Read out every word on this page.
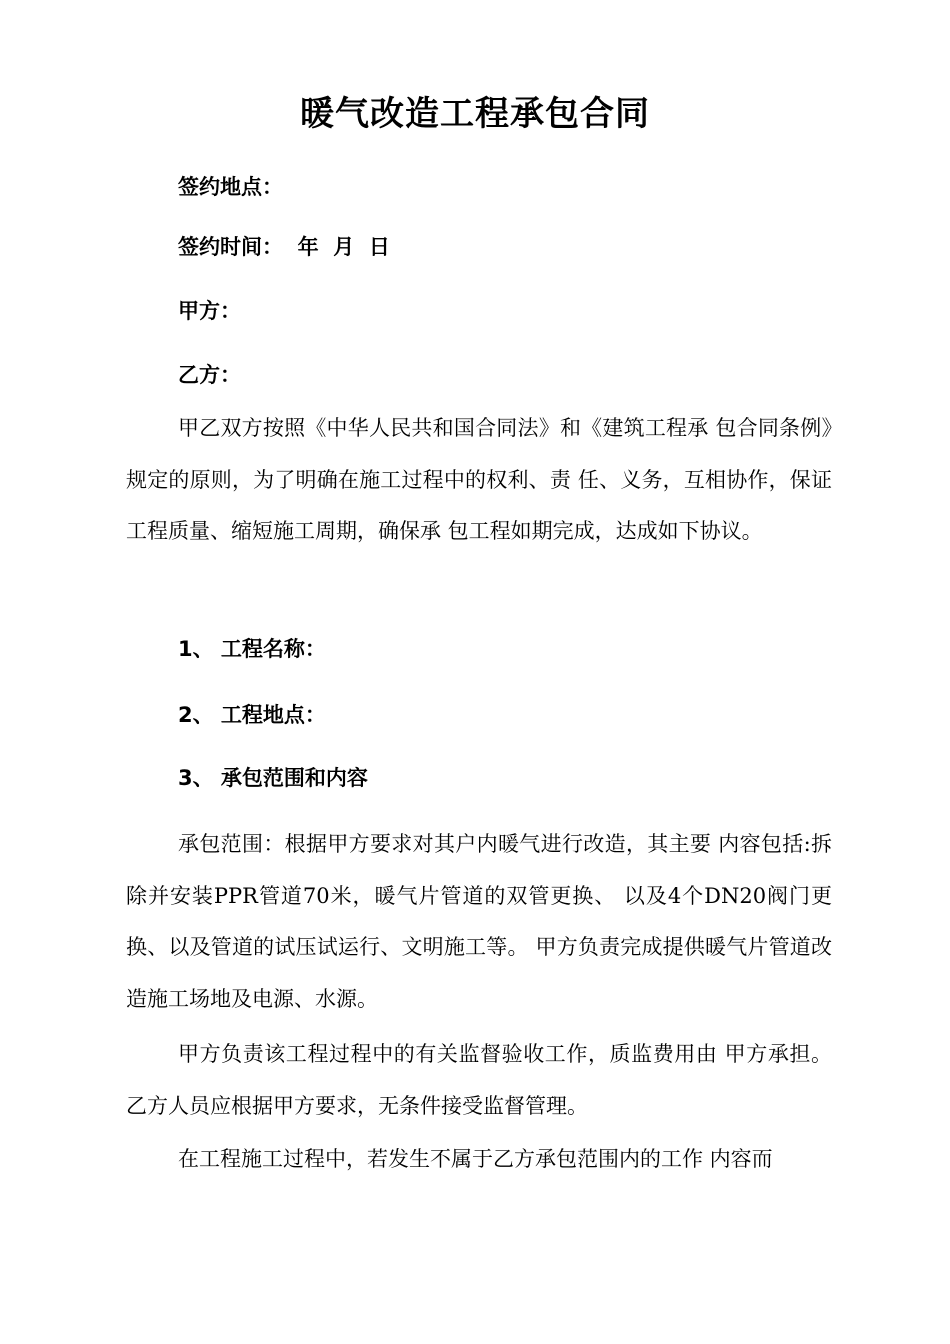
暖气改造工程承包合同
签约地点：
签约时间：  年  月  日
甲方：
乙方：

甲乙双方按照《中华人民共和国合同法》和《建筑工程承 包合同条例》规定的原则，为了明确在施工过程中的权利、责 任、义务，互相协作，保证工程质量、缩短施工周期，确保承 包工程如期完成，达成如下协议。

1、 工程名称：
2、 工程地点：
3、 承包范围和内容

承包范围：根据甲方要求对其户内暖气进行改造，其主要 内容包括:拆除并安装PPR管道70米，暖气片管道的双管更换、 以及4个DN20阀门更换、以及管道的试压试运行、文明施工等。 甲方负责完成提供暖气片管道改造施工场地及电源、水源。

甲方负责该工程过程中的有关监督验收工作，质监费用由 甲方承担。乙方人员应根据甲方要求，无条件接受监督管理。

在工程施工过程中，若发生不属于乙方承包范围内的工作 内容而
